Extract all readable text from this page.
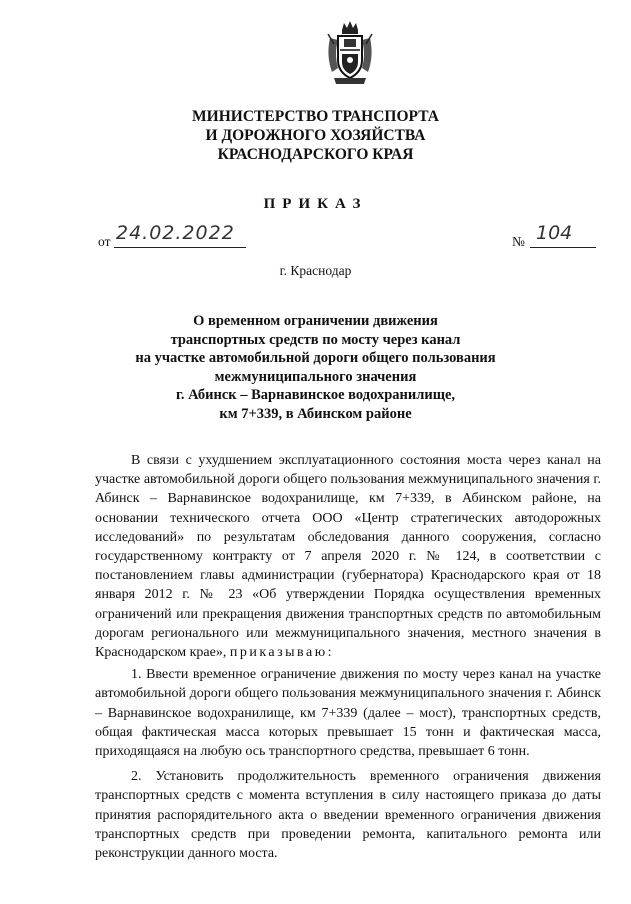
МИНИСТЕРСТВО ТРАНСПОРТА
И ДОРОЖНОГО ХОЗЯЙСТВА
КРАСНОДАРСКОГО КРАЯ
ПРИКАЗ
от 24.02.2022	№ 104
г. Краснодар
О временном ограничении движения
транспортных средств по мосту через канал
на участке автомобильной дороги общего пользования
межмуниципального значения
г. Абинск – Варнавинское водохранилище,
км 7+339, в Абинском районе

В связи с ухудшением эксплуатационного состояния моста через канал на участке автомобильной дороги общего пользования межмуниципального значения г. Абинск – Варнавинское водохранилище, км 7+339, в Абинском районе, на основании технического отчета ООО «Центр стратегических автодорожных исследований» по результатам обследования данного сооружения, согласно государственному контракту от 7 апреля 2020 г. № 124, в соответствии с постановлением главы администрации (губернатора) Краснодарского края от 18 января 2012 г. № 23 «Об утверждении Порядка осуществления временных ограничений или прекращения движения транспортных средств по автомобильным дорогам регионального или межмуниципального значения, местного значения в Краснодарском крае», приказываю:

1. Ввести временное ограничение движения по мосту через канал на участке автомобильной дороги общего пользования межмуниципального значения г. Абинск – Варнавинское водохранилище, км 7+339 (далее – мост), транспортных средств, общая фактическая масса которых превышает 15 тонн и фактическая масса, приходящаяся на любую ось транспортного средства, превышает 6 тонн.

2. Установить продолжительность временного ограничения движения транспортных средств с момента вступления в силу настоящего приказа до даты принятия распорядительного акта о введении временного ограничения движения транспортных средств при проведении ремонта, капитального ремонта или реконструкции данного моста.
